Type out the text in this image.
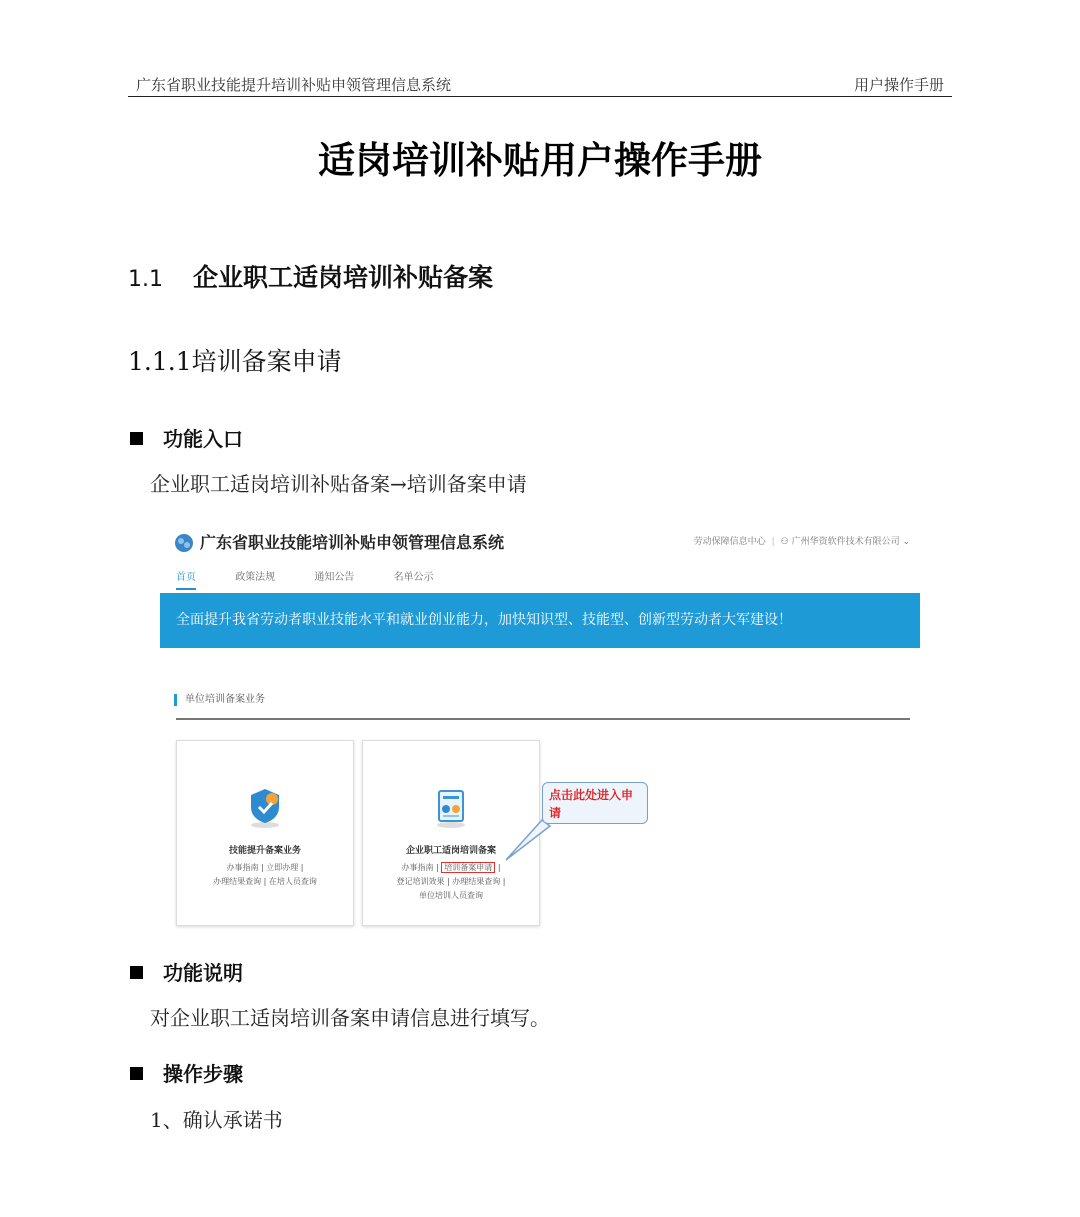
广东省职业技能提升培训补贴申领管理信息系统	用户操作手册
适岗培训补贴用户操作手册
1.1 企业职工适岗培训补贴备案
1.1.1培训备案申请
功能入口
企业职工适岗培训补贴备案→培训备案申请
广东省职业技能培训补贴申领管理信息系统	劳动保障信息中心 | ⚇ 广州华资软件技术有限公司 ⌄
首页	政策法规	通知公告	名单公示
全面提升我省劳动者职业技能水平和就业创业能力，加快知识型、技能型、创新型劳动者大军建设！
单位培训备案业务
技能提升备案业务
办事指南 | 立即办理 |
办理结果查询 | 在培人员查询
企业职工适岗培训备案
办事指南 | 培训备案申请 |
登记培训效果 | 办理结果查询 |
单位培训人员查询
点击此处进入申请
功能说明
对企业职工适岗培训备案申请信息进行填写。
操作步骤
1、确认承诺书
